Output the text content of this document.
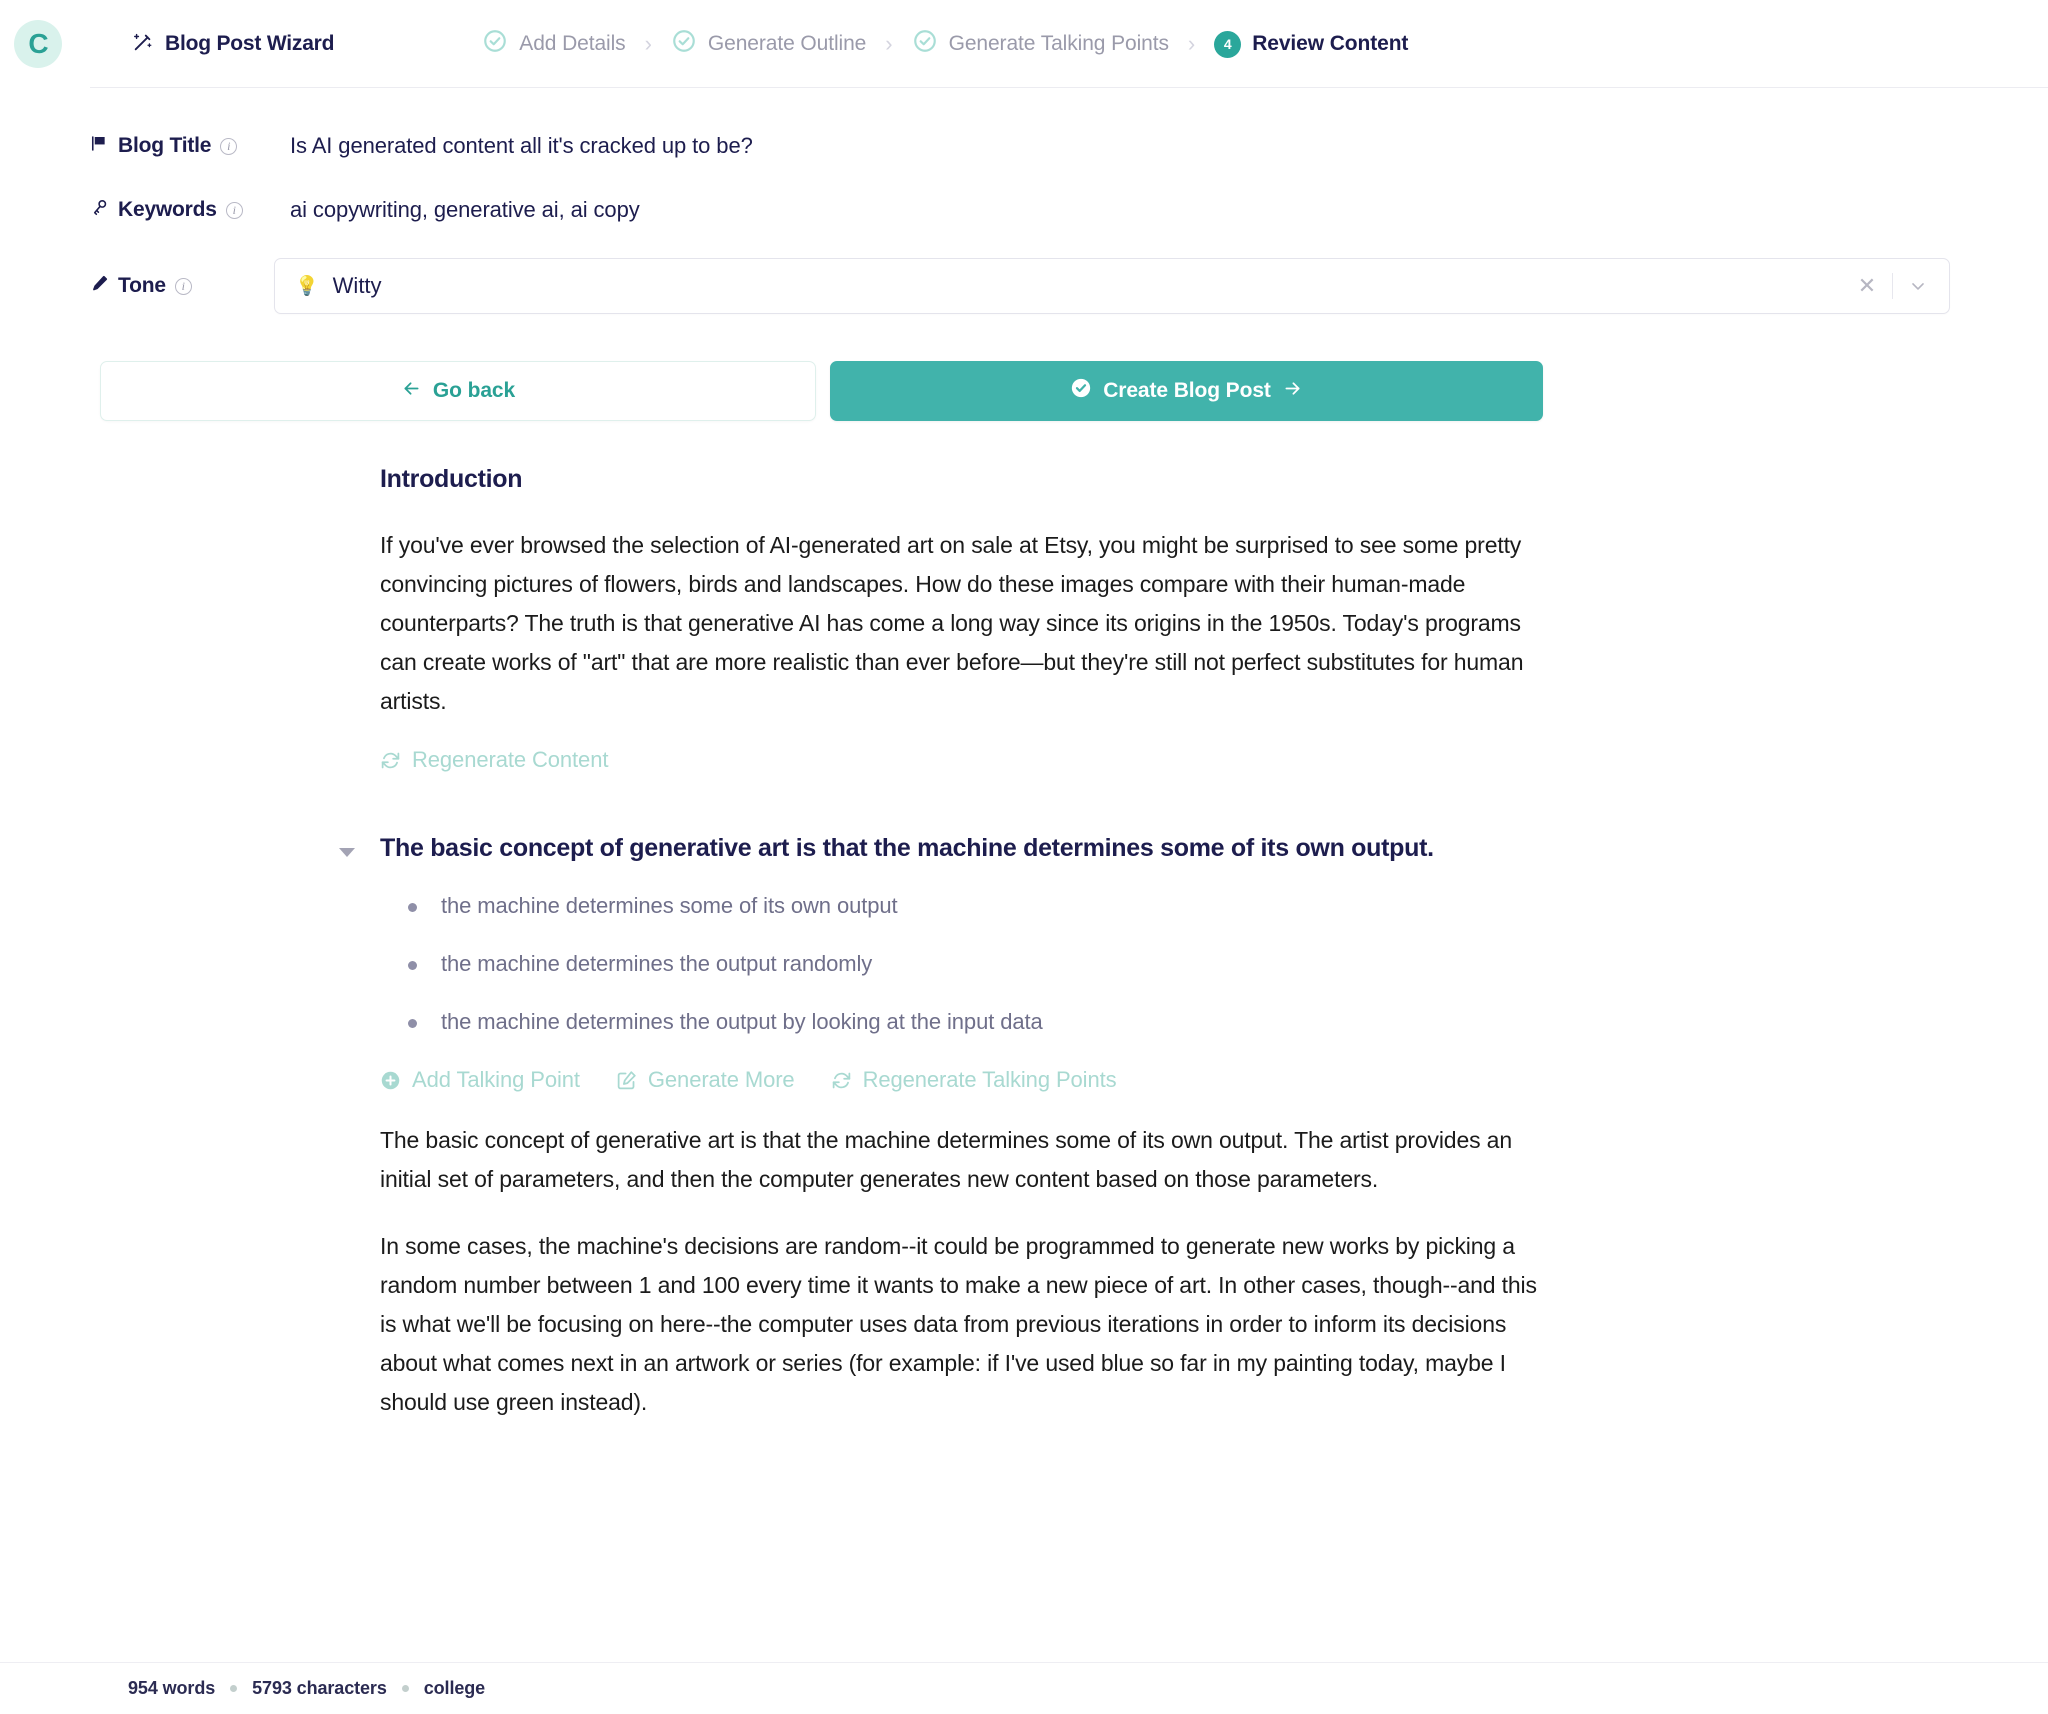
C	Blog Post Wizard	Add Details ›	Generate Outline ›	Generate Talking Points ›	4 Review Content
Blog Title	i	Is AI generated content all it's cracked up to be?
Keywords	i	ai copywriting, generative ai, ai copy
Tone	i	💡 Witty	✕
Go back	Create Blog Post
Introduction

If you've ever browsed the selection of AI-generated art on sale at Etsy, you might be surprised to see some pretty convincing pictures of flowers, birds and landscapes. How do these images compare with their human-made counterparts? The truth is that generative AI has come a long way since its origins in the 1950s. Today's programs can create works of "art" that are more realistic than ever before—but they're still not perfect substitutes for human artists.

Regenerate Content
The basic concept of generative art is that the machine determines some of its own output.
the machine determines some of its own output
the machine determines the output randomly
the machine determines the output by looking at the input data
Add Talking Point	Generate More	Regenerate Talking Points

The basic concept of generative art is that the machine determines some of its own output. The artist provides an initial set of parameters, and then the computer generates new content based on those parameters.

In some cases, the machine's decisions are random--it could be programmed to generate new works by picking a random number between 1 and 100 every time it wants to make a new piece of art. In other cases, though--and this is what we'll be focusing on here--the computer uses data from previous iterations in order to inform its decisions about what comes next in an artwork or series (for example: if I've used blue so far in my painting today, maybe I should use green instead).

954 words 5793 characters college
